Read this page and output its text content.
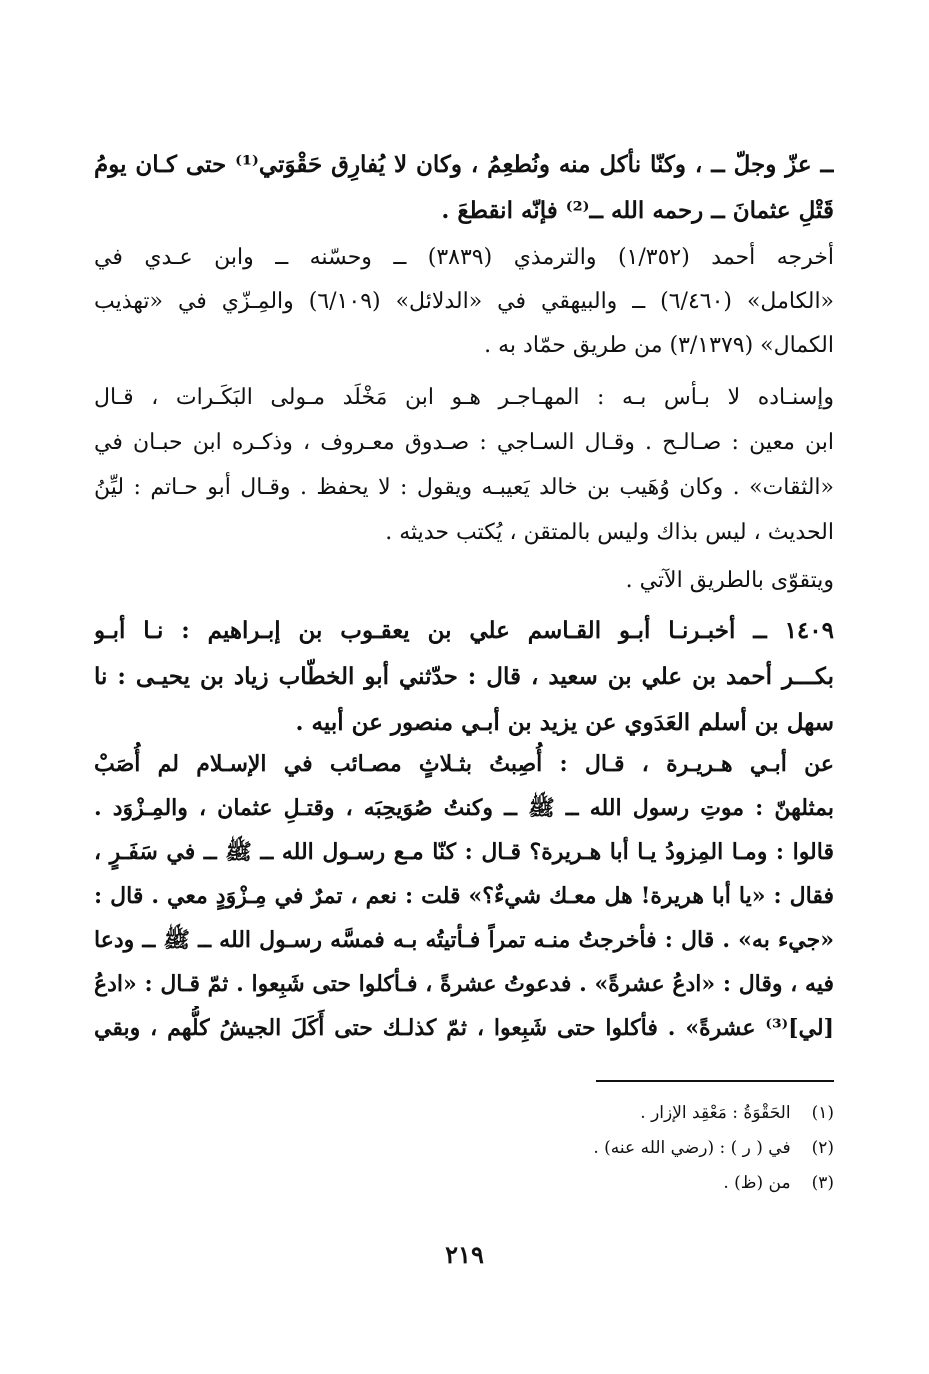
ــ عزّ وجلّ ــ ، وكنّا نأكل منه ونُطعِمُ ، وكان لا يُفارِق حَقْوَتي⁽¹⁾ حتى كـان يومُ
قَتْلِ عثمانَ ــ رحمه الله ــ⁽²⁾ فإنّه انقطعَ .
أخرجه أحمد (١/٣٥٢) والترمذي (٣٨٣٩) ــ وحسّنه ــ وابن عـدي في
«الكامل» (٦/٤٦٠) ــ والبيهقي في «الدلائل» (٦/١٠٩) والمِـزّي في «تهذيب
الكمال» (٣/١٣٧٩) من طريق حمّاد به .
وإسنـاده لا بـأس بـه : المهـاجـر هـو ابن مَخْلَد مـولى البَكَـرات ، قـال
ابن معين : صـالـح . وقـال السـاجي : صـدوق معـروف ، وذكـره ابن حبـان في
«الثقات» . وكان وُهَيب بن خالد يَعيبـه ويقول : لا يحفظ . وقـال أبو حـاتم : ليِّنُ
الحديث ، ليس بذاك وليس بالمتقن ، يُكتب حديثه .
ويتقوّى بالطريق الآتي .
١٤٠٩ ــ أخبـرنـا أبـو القـاسم علي بن يعقـوب بن إبـراهيم : نـا أبـو
بكـــر أحمد بن علي بن سعيد ، قال : حدّثني أبو الخطّاب زياد بن يحيـى : نا
سهل بن أسلم العَدَوي عن يزيد بن أبـي منصور عن أبيه .
عن أبـي هـريـرة ، قـال : أُصِبتُ بثـلاثٍ مصـائب في الإسـلام لم أُصَبْ
بمثلهنّ : موتِ رسول الله ــ ﷺ ــ وكنتُ صُوَيحِبَه ، وقتـلِ عثمان ، والمِـزْوَد .
قالوا : ومـا المِزودُ يـا أبا هـريرة؟ قـال : كنّا مـع رسـول الله ــ ﷺ ــ في سَفَـرٍ ،
فقال : «يا أبا هريرة! هل معـك شيءٌ؟» قلت : نعم ، تمرٌ في مِـزْوَدٍ معي . قال :
«جيء به» . قال : فأخرجتُ منـه تمراً فـأتيتُه بـه فمسَّه رسـول الله ــ ﷺ ــ ودعا
فيه ، وقال : «ادعُ عشرةً» . فدعوتُ عشرةً ، فـأكلوا حتى شَبِعوا . ثمّ قـال : «ادعُ
[لي]⁽³⁾ عشرةً» . فأكلوا حتى شَبِعوا ، ثمّ كذلـك حتى أَكَلَ الجيشُ كلُّهم ، وبقي
(١) الحَقْوَةُ : مَعْقِد الإزار .
(٢) في ( ر ) : (رضي الله عنه) .
(٣) من (ظ) .
٢١٩
